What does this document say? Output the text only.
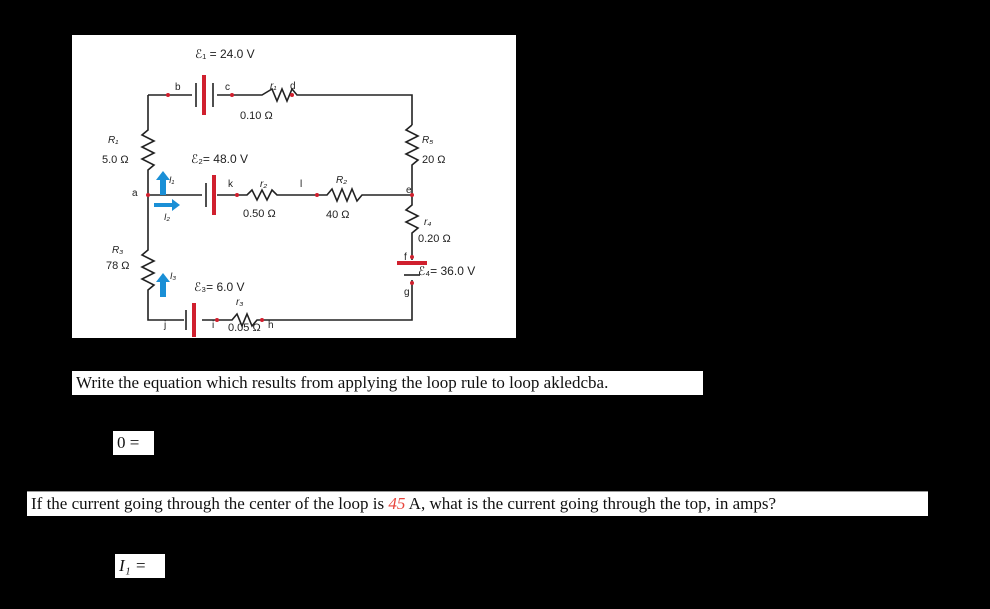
ℰ₁ = 24.0 V
r₁
0.10 Ω
ℰ₂= 48.0 V
r₂
0.50 Ω
R₂
40 Ω
ℰ₃= 6.0 V
r₃
0.05 Ω
R₁
5.0 Ω
R₃
78 Ω
R₅
20 Ω
r₄
0.20 Ω
ℰ₄= 36.0 V
I₁
I₂
I₃
a
b	c	d
e
f
g
h
i
j
k	l
Write the equation which results from applying the loop rule to loop akledcba.
0 =
If the current going through the center of the loop is 45 A, what is the current going through the top, in amps?
I₁ =
